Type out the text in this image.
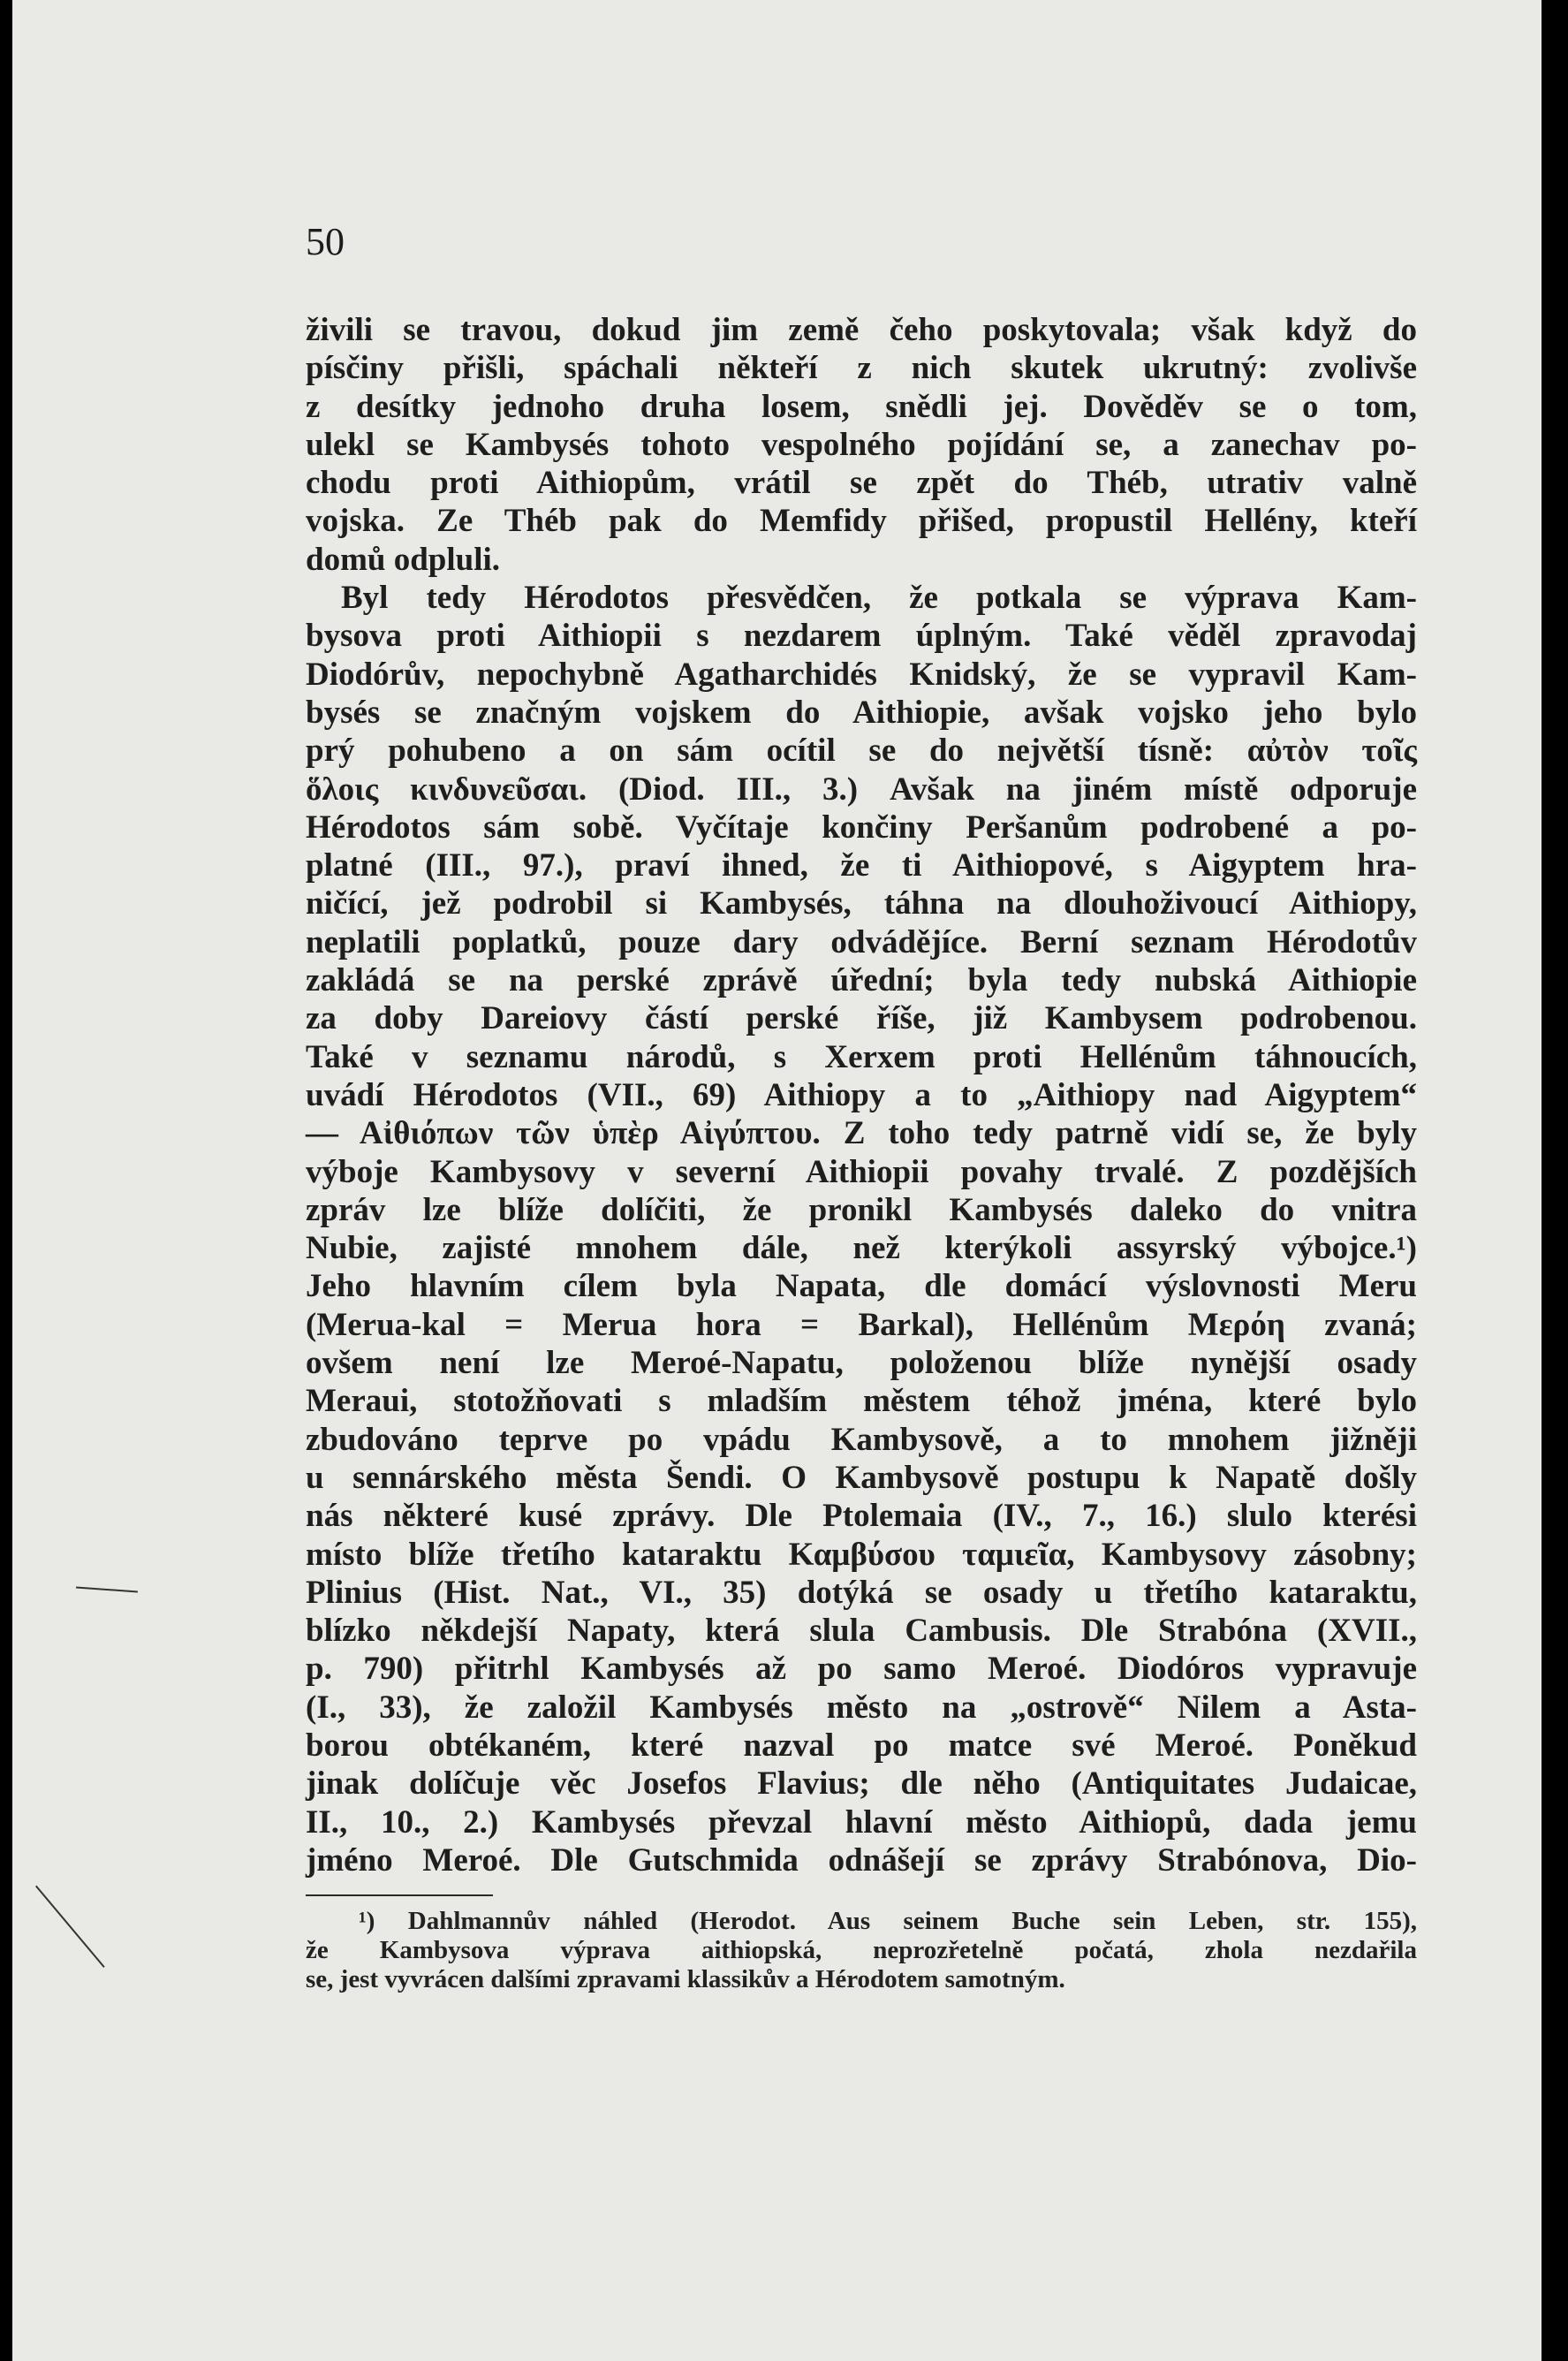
50
živili se travou, dokud jim země čeho poskytovala; však když do
písčiny přišli, spáchali někteří z nich skutek ukrutný: zvolivše
z desítky jednoho druha losem, snědli jej. Dověděv se o tom,
ulekl se Kambysés tohoto vespolného pojídání se, a zanechav po-
chodu proti Aithiopům, vrátil se zpět do Théb, utrativ valně
vojska. Ze Théb pak do Memfidy přišed, propustil Hellény, kteří
domů odpluli.
Byl tedy Hérodotos přesvědčen, že potkala se výprava Kam-
bysova proti Aithiopii s nezdarem úplným. Také věděl zpravodaj
Diodórův, nepochybně Agatharchidés Knidský, že se vypravil Kam-
bysés se značným vojskem do Aithiopie, avšak vojsko jeho bylo
prý pohubeno a on sám ocítil se do největší tísně: αὐτὸν τοῖς
ὅλοις κινδυνεῦσαι. (Diod. III., 3.) Avšak na jiném místě odporuje
Hérodotos sám sobě. Vyčítaje končiny Peršanům podrobené a po-
platné (III., 97.), praví ihned, že ti Aithiopové, s Aigyptem hra-
ničící, jež podrobil si Kambysés, táhna na dlouhoživoucí Aithiopy,
neplatili poplatků, pouze dary odvádějíce. Berní seznam Hérodotův
zakládá se na perské zprávě úřední; byla tedy nubská Aithiopie
za doby Dareiovy částí perské říše, již Kambysem podrobenou.
Také v seznamu národů, s Xerxem proti Hellénům táhnoucích,
uvádí Hérodotos (VII., 69) Aithiopy a to „Aithiopy nad Aigyptem“
— Αἰθιόπων τῶν ὑπὲρ Αἰγύπτου. Z toho tedy patrně vidí se, že byly
výboje Kambysovy v severní Aithiopii povahy trvalé. Z pozdějších
zpráv lze blíže dolíčiti, že pronikl Kambysés daleko do vnitra
Nubie, zajisté mnohem dále, než kterýkoli assyrský výbojce.¹)
Jeho hlavním cílem byla Napata, dle domácí výslovnosti Meru
(Merua-kal = Merua hora = Barkal), Hellénům Μερόη zvaná;
ovšem není lze Meroé-Napatu, položenou blíže nynější osady
Meraui, stotožňovati s mladším městem téhož jména, které bylo
zbudováno teprve po vpádu Kambysově, a to mnohem jižněji
u sennárského města Šendi. O Kambysově postupu k Napatě došly
nás některé kusé zprávy. Dle Ptolemaia (IV., 7., 16.) slulo kterési
místo blíže třetího kataraktu Καμβύσου ταμιεῖα, Kambysovy zásobny;
Plinius (Hist. Nat., VI., 35) dotýká se osady u třetího kataraktu,
blízko někdejší Napaty, která slula Cambusis. Dle Strabóna (XVII.,
p. 790) přitrhl Kambysés až po samo Meroé. Diodóros vypravuje
(I., 33), že založil Kambysés město na „ostrově“ Nilem a Asta-
borou obtékaném, které nazval po matce své Meroé. Poněkud
jinak dolíčuje věc Josefos Flavius; dle něho (Antiquitates Judaicae,
II., 10., 2.) Kambysés převzal hlavní město Aithiopů, dada jemu
jméno Meroé. Dle Gutschmida odnášejí se zprávy Strabónova, Dio-
¹) Dahlmannův náhled (Herodot. Aus seinem Buche sein Leben, str. 155),
že Kambysova výprava aithiopská, neprozřetelně počatá, zhola nezdařila
se, jest vyvrácen dalšími zpravami klassikův a Hérodotem samotným.
